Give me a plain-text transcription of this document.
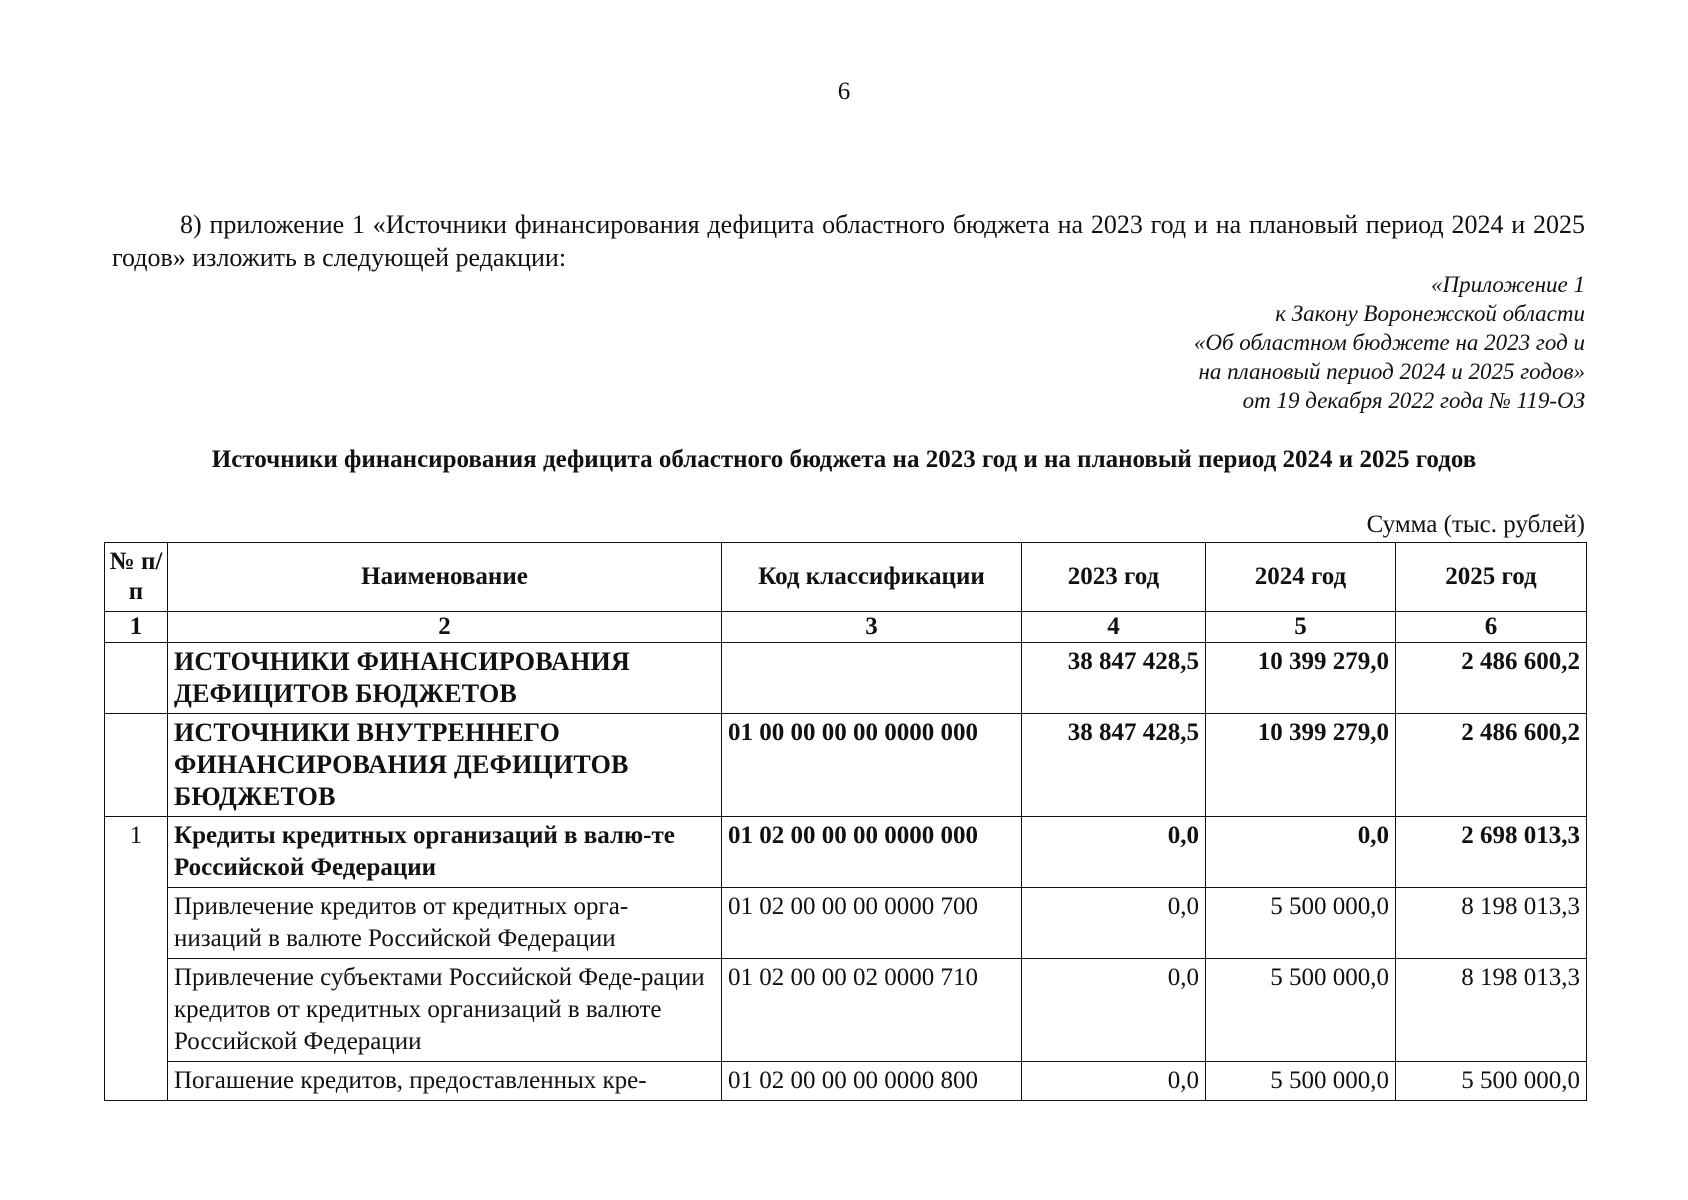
6
8) приложение 1 «Источники финансирования дефицита областного бюджета на 2023 год и на плановый период 2024 и 2025 годов» изложить в следующей редакции:
«Приложение 1
к Закону Воронежской области
«Об областном бюджете на 2023 год и
на плановый период 2024 и 2025 годов»
от 19 декабря 2022 года № 119-ОЗ
Источники финансирования дефицита областного бюджета на 2023 год и на плановый период 2024 и 2025 годов
Сумма (тыс. рублей)
№ п/п	Наименование	Код классификации	2023 год	2024 год	2025 год
1	2	3	4	5	6
	ИСТОЧНИКИ ФИНАНСИРОВАНИЯ ДЕФИЦИТОВ БЮДЖЕТОВ		38 847 428,5	10 399 279,0	2 486 600,2
	ИСТОЧНИКИ ВНУТРЕННЕГО ФИНАНСИРОВАНИЯ ДЕФИЦИТОВ БЮДЖЕТОВ	01 00 00 00 00 0000 000	38 847 428,5	10 399 279,0	2 486 600,2
1	Кредиты кредитных организаций в валю-те Российской Федерации	01 02 00 00 00 0000 000	0,0	0,0	2 698 013,3
	Привлечение кредитов от кредитных орга-низаций в валюте Российской Федерации	01 02 00 00 00 0000 700	0,0	5 500 000,0	8 198 013,3
	Привлечение субъектами Российской Феде-рации кредитов от кредитных организаций в валюте Российской Федерации	01 02 00 00 02 0000 710	0,0	5 500 000,0	8 198 013,3
	Погашение кредитов, предоставленных кре-	01 02 00 00 00 0000 800	0,0	5 500 000,0	5 500 000,0
